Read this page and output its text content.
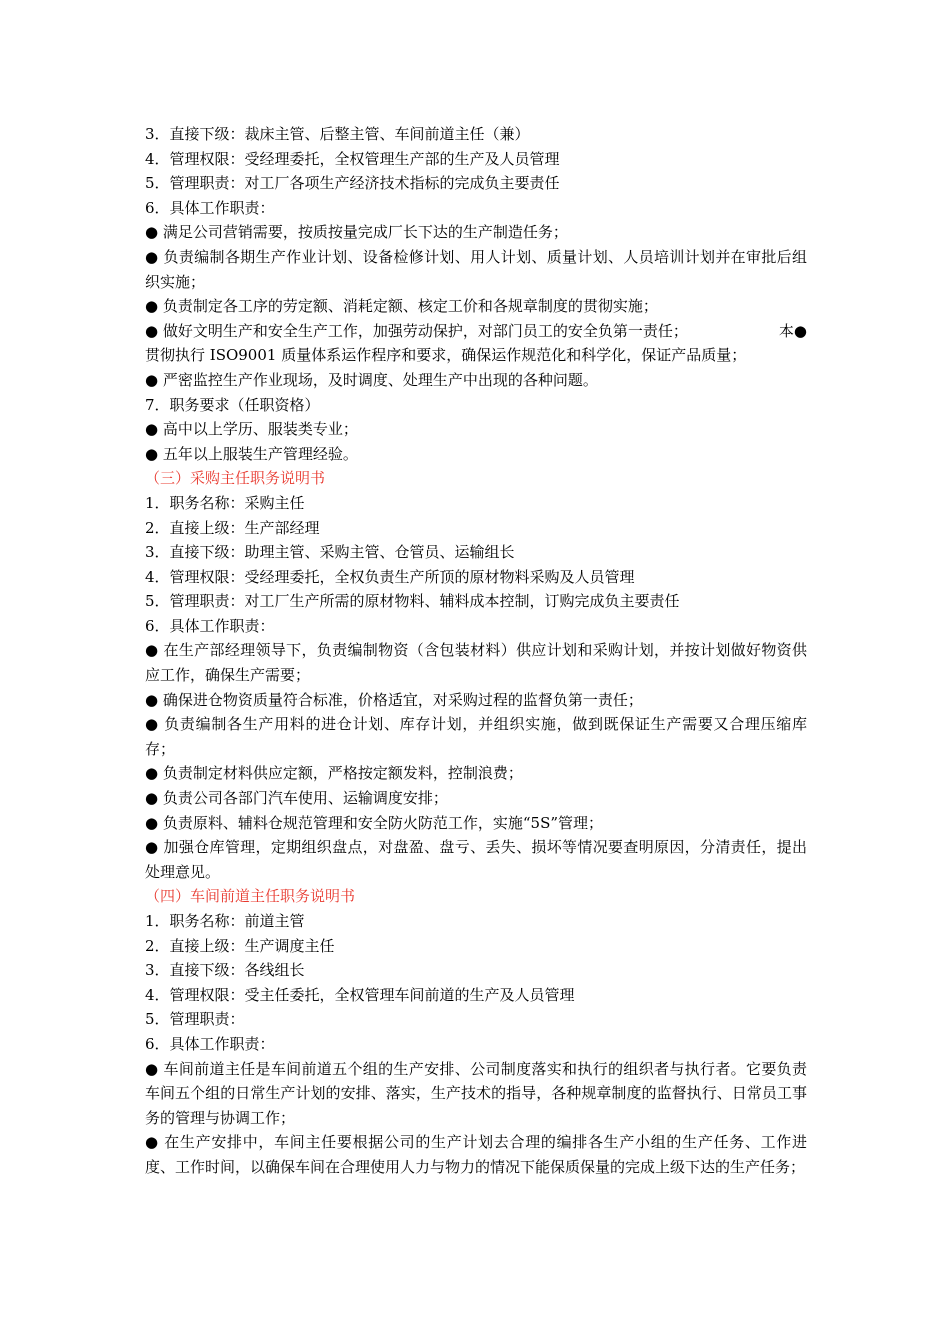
3．直接下级：裁床主管、后整主管、车间前道主任（兼）

4．管理权限：受经理委托，全权管理生产部的生产及人员管理

5．管理职责：对工厂各项生产经济技术指标的完成负主要责任

6．具体工作职责：

● 满足公司营销需要，按质按量完成厂长下达的生产制造任务；

● 负责编制各期生产作业计划、设备检修计划、用人计划、质量计划、人员培训计划并在审批后组织实施；

● 负责制定各工序的劳定额、消耗定额、核定工价和各规章制度的贯彻实施；

● 做好文明生产和安全生产工作，加强劳动保护，对部门员工的安全负第一责任；	本●

贯彻执行 ISO9001 质量体系运作程序和要求，确保运作规范化和科学化，保证产品质量；

● 严密监控生产作业现场，及时调度、处理生产中出现的各种问题。

7．职务要求（任职资格）

● 高中以上学历、服装类专业；

● 五年以上服装生产管理经验。

（三）采购主任职务说明书

1．职务名称：采购主任

2．直接上级：生产部经理

3．直接下级：助理主管、采购主管、仓管员、运输组长

4．管理权限：受经理委托，全权负责生产所顶的原材物料采购及人员管理

5．管理职责：对工厂生产所需的原材物料、辅料成本控制，订购完成负主要责任

6．具体工作职责：

● 在生产部经理领导下，负责编制物资（含包装材料）供应计划和采购计划，并按计划做好物资供应工作，确保生产需要；

● 确保进仓物资质量符合标准，价格适宜，对采购过程的监督负第一责任；

● 负责编制各生产用料的进仓计划、库存计划，并组织实施，做到既保证生产需要又合理压缩库存；

● 负责制定材料供应定额，严格按定额发料，控制浪费；

● 负责公司各部门汽车使用、运输调度安排；

● 负责原料、辅料仓规范管理和安全防火防范工作，实施“5S”管理；

● 加强仓库管理，定期组织盘点，对盘盈、盘亏、丢失、损坏等情况要查明原因，分清责任，提出处理意见。

（四）车间前道主任职务说明书

1．职务名称：前道主管

2．直接上级：生产调度主任

3．直接下级：各线组长

4．管理权限：受主任委托，全权管理车间前道的生产及人员管理

5．管理职责：

6．具体工作职责：

● 车间前道主任是车间前道五个组的生产安排、公司制度落实和执行的组织者与执行者。它要负责车间五个组的日常生产计划的安排、落实，生产技术的指导，各种规章制度的监督执行、日常员工事务的管理与协调工作；

● 在生产安排中，车间主任要根据公司的生产计划去合理的编排各生产小组的生产任务、工作进度、工作时间，以确保车间在合理使用人力与物力的情况下能保质保量的完成上级下达的生产任务；
